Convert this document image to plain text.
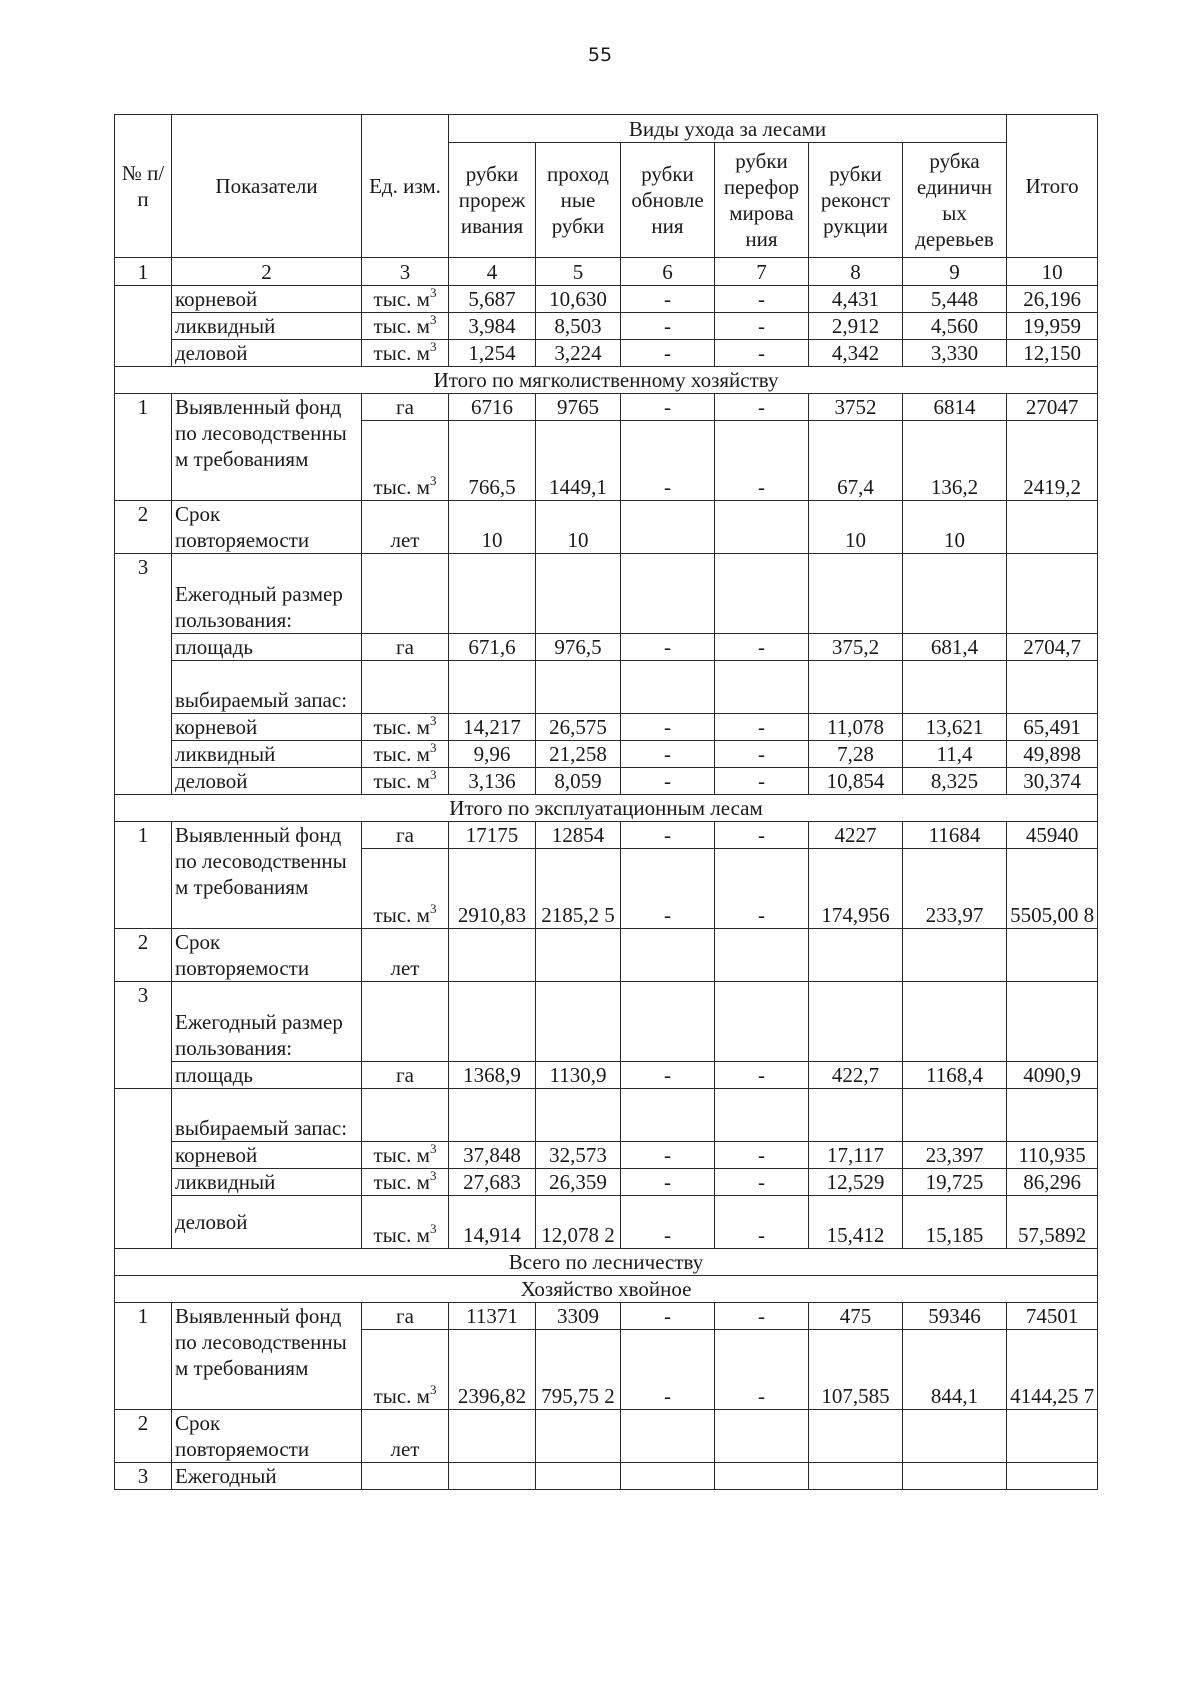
55
№ п/п	Показатели	Ед. изм.	Виды ухода за лесами						Итого
			рубки прореж ивания	проход ные рубки	рубки обновле ния	рубки перефор мирова ния	рубки реконст рукции	рубка единичн ых деревьев	
1	2	3	4	5	6	7	8	9	10
	корневой	тыс. $м^3$	5,687	10,630	-	-	4,431	5,448	26,196
	ликвидный	тыс. $м^3$	3,984	8,503	-	-	2,912	4,560	19,959
	деловой	тыс. $м^3$	1,254	3,224	-	-	4,342	3,330	12,150
Итого по мягколиственному хозяйству									
1	Выявленный фонд по лесоводственны м требованиям	га	6716	9765	-	-	3752	6814	27047
		тыс. $м^3$	766,5	1449,1	-	-	67,4	136,2	2419,2
2	Срок повторяемости	лет	10	10			10	10	
3	Ежегодный размер пользования:								
	площадь	га	671,6	976,5	-	-	375,2	681,4	2704,7
	выбираемый запас:								
	корневой	тыс. $м^3$	14,217	26,575	-	-	11,078	13,621	65,491
	ликвидный	тыс. $м^3$	9,96	21,258	-	-	7,28	11,4	49,898
	деловой	тыс. $м^3$	3,136	8,059	-	-	10,854	8,325	30,374
Итого по эксплуатационным лесам									
1	Выявленный фонд по лесоводственны м требованиям	га	17175	12854	-	-	4227	11684	45940
		тыс. $м^3$	2910,83	2185,2 5	-	-	174,956	233,97	5505,00 8
2	Срок повторяемости	лет							
3	Ежегодный размер пользования:								
	площадь	га	1368,9	1130,9	-	-	422,7	1168,4	4090,9
	выбираемый запас:								
	корневой	тыс. $м^3$	37,848	32,573	-	-	17,117	23,397	110,935
	ликвидный	тыс. $м^3$	27,683	26,359	-	-	12,529	19,725	86,296
	деловой	тыс. $м^3$	14,914	12,078 2	-	-	15,412	15,185	57,5892
Всего по лесничеству									
Хозяйство хвойное									
1	Выявленный фонд по лесоводственны м требованиям	га	11371	3309	-	-	475	59346	74501
		тыс. $м^3$	2396,82	795,75 2	-	-	107,585	844,1	4144,25 7
2	Срок повторяемости	лет							
3	Ежегодный								
